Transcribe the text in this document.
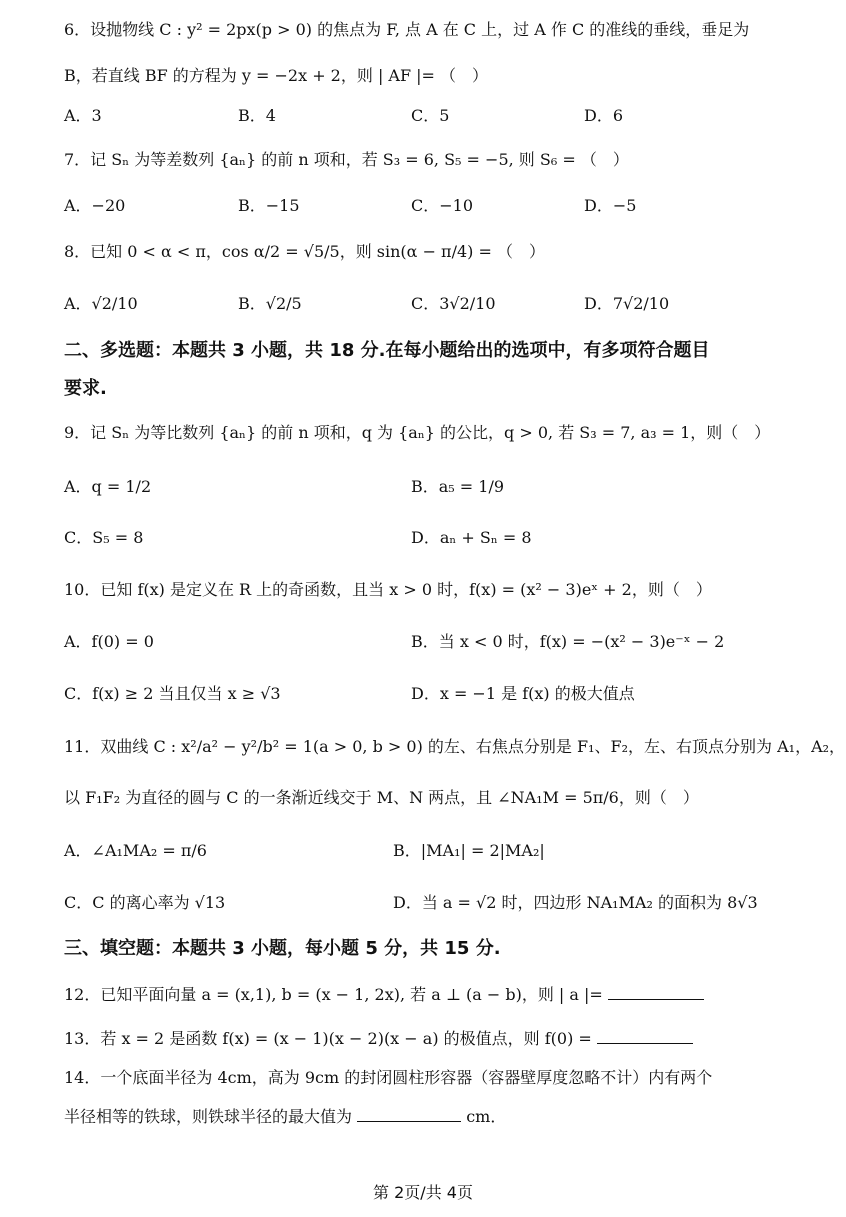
6．设抛物线 C : y² = 2px(p > 0) 的焦点为 F, 点 A 在 C 上，过 A 作 C 的准线的垂线，垂足为
B，若直线 BF 的方程为 y = −2x + 2，则 | AF |= （　）
A．3	B．4	C．5	D．6
7．记 Sₙ 为等差数列 {aₙ} 的前 n 项和，若 S₃ = 6, S₅ = −5, 则 S₆ = （　）
A．−20	B．−15	C．−10	D．−5
8．已知 0 < α < π，cos α/2 = √5/5，则 sin(α − π/4) = （　）
A．√2/10	B．√2/5	C．3√2/10	D．7√2/10
二、多选题：本题共 3 小题，共 18 分.在每小题给出的选项中，有多项符合题目
要求.
9．记 Sₙ 为等比数列 {aₙ} 的前 n 项和，q 为 {aₙ} 的公比，q > 0, 若 S₃ = 7, a₃ = 1，则（　）
A．q = 1/2	B．a₅ = 1/9
C．S₅ = 8	D．aₙ + Sₙ = 8
10．已知 f(x) 是定义在 R 上的奇函数，且当 x > 0 时，f(x) = (x² − 3)eˣ + 2，则（　）
A．f(0) = 0	B．当 x < 0 时，f(x) = −(x² − 3)e⁻ˣ − 2
C．f(x) ≥ 2 当且仅当 x ≥ √3	D．x = −1 是 f(x) 的极大值点
11．双曲线 C : x²/a² − y²/b² = 1(a > 0, b > 0) 的左、右焦点分别是 F₁、F₂，左、右顶点分别为 A₁，A₂，
以 F₁F₂ 为直径的圆与 C 的一条渐近线交于 M、N 两点，且 ∠NA₁M = 5π/6，则（　）
A．∠A₁MA₂ = π/6	B．|MA₁| = 2|MA₂|
C．C 的离心率为 √13	D．当 a = √2 时，四边形 NA₁MA₂ 的面积为 8√3
三、填空题：本题共 3 小题，每小题 5 分，共 15 分.
12．已知平面向量 a = (x,1), b = (x − 1, 2x), 若 a ⊥ (a − b)，则 | a |=
13．若 x = 2 是函数 f(x) = (x − 1)(x − 2)(x − a) 的极值点，则 f(0) =
14．一个底面半径为 4cm，高为 9cm 的封闭圆柱形容器（容器壁厚度忽略不计）内有两个
半径相等的铁球，则铁球半径的最大值为	cm．
第 2页/共 4页
